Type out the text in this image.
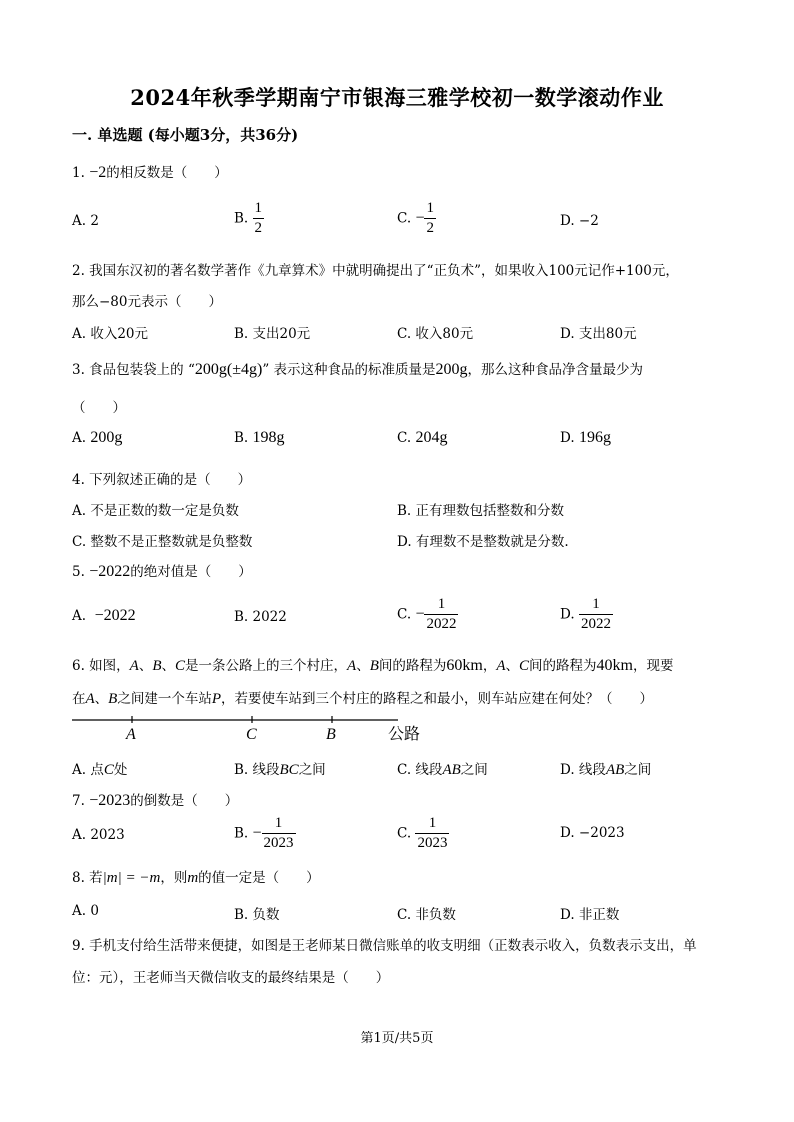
2024年秋季学期南宁市银海三雅学校初一数学滚动作业
一. 单选题 (每小题3分，共36分)
1. −2的相反数是（　　）
A. 2	B. $\frac{1}{2}$	C. − $\frac{1}{2}$	D. −2
2. 我国东汉初的著名数学著作《九章算术》中就明确提出了“正负术”，如果收入100元记作+100元，
那么−80元表示（　　）
A. 收入20元	B. 支出20元	C. 收入80元	D. 支出80元
3. 食品包装袋上的 “200g(±4g)” 表示这种食品的标准质量是200g，那么这种食品净含量最少为
（　　）
A. 200g	B. 198g	C. 204g	D. 196g
4. 下列叙述正确的是（　　）
A. 不是正数的数一定是负数	B. 正有理数包括整数和分数
C. 整数不是正整数就是负整数	D. 有理数不是整数就是分数.
5. −2022的绝对值是（　　）
A. −2022	B. 2022	C. − $\frac{1}{2022}$	D. $\frac{1}{2022}$
6. 如图，A、B、C是一条公路上的三个村庄，A、B间的路程为60km，A、C间的路程为40km，现要
在A、B之间建一个车站P，若要使车站到三个村庄的路程之和最小，则车站应建在何处？（　　）
A	C	B	公路
A. 点C处	B. 线段BC之间	C. 线段AB之间	D. 线段AB之间
7. −2023的倒数是（　　）
A. 2023	B. − $\frac{1}{2023}$	C. $\frac{1}{2023}$	D. −2023
8. 若|m| = −m，则m的值一定是（　　）
A. 0	B. 负数	C. 非负数	D. 非正数
9. 手机支付给生活带来便捷，如图是王老师某日微信账单的收支明细（正数表示收入，负数表示支出，单
位：元），王老师当天微信收支的最终结果是（　　）
第1页/共5页
